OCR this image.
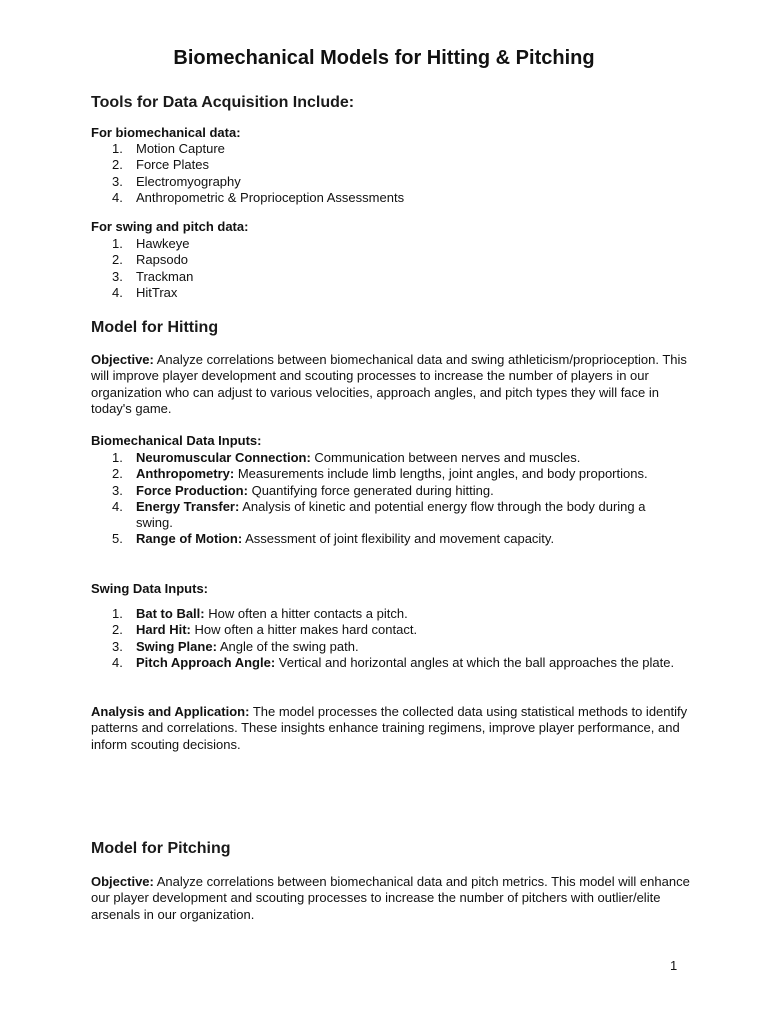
Biomechanical Models for Hitting & Pitching
Tools for Data Acquisition Include:
For biomechanical data:
1. Motion Capture
2. Force Plates
3. Electromyography
4. Anthropometric & Proprioception Assessments
For swing and pitch data:
1. Hawkeye
2. Rapsodo
3. Trackman
4. HitTrax
Model for Hitting
Objective: Analyze correlations between biomechanical data and swing athleticism/proprioception. This will improve player development and scouting processes to increase the number of players in our organization who can adjust to various velocities, approach angles, and pitch types they will face in today's game.
Biomechanical Data Inputs:
1. Neuromuscular Connection: Communication between nerves and muscles.
2. Anthropometry: Measurements include limb lengths, joint angles, and body proportions.
3. Force Production: Quantifying force generated during hitting.
4. Energy Transfer: Analysis of kinetic and potential energy flow through the body during a swing.
5. Range of Motion: Assessment of joint flexibility and movement capacity.
Swing Data Inputs:
1. Bat to Ball: How often a hitter contacts a pitch.
2. Hard Hit: How often a hitter makes hard contact.
3. Swing Plane: Angle of the swing path.
4. Pitch Approach Angle: Vertical and horizontal angles at which the ball approaches the plate.
Analysis and Application: The model processes the collected data using statistical methods to identify patterns and correlations. These insights enhance training regimens, improve player performance, and inform scouting decisions.
Model for Pitching
Objective: Analyze correlations between biomechanical data and pitch metrics. This model will enhance our player development and scouting processes to increase the number of pitchers with outlier/elite arsenals in our organization.
1
